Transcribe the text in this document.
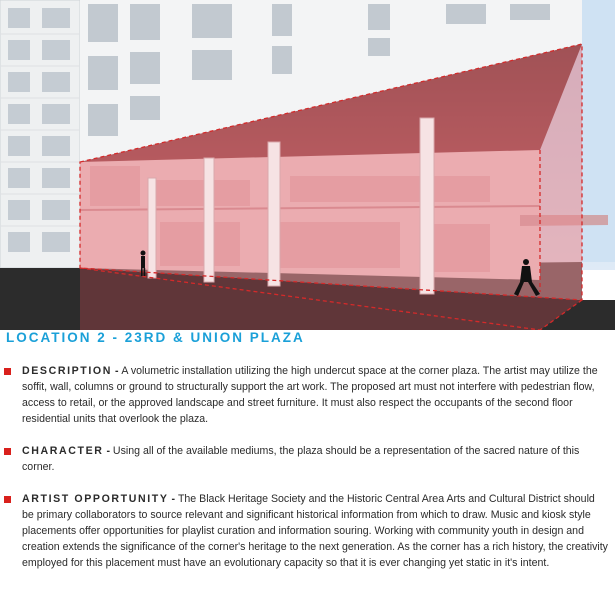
LOCATION 2 - 23RD & UNION PLAZA
DESCRIPTION - A volumetric installation utilizing the high undercut space at the corner plaza. The artist may utilize the soffit, wall, columns or ground to structurally support the art work. The proposed art must not interfere with pedestrian flow, access to retail, or the approved landscape and street furniture. It must also respect the occupants of the second floor residential units that overlook the plaza.
CHARACTER - Using all of the available mediums, the plaza should be a representation of the sacred nature of this corner.
ARTIST OPPORTUNITY - The Black Heritage Society and the Historic Central Area Arts and Cultural District should be primary collaborators to source relevant and significant historical information from which to draw. Music and kiosk style placements offer opportunities for playlist curation and information souring. Working with community youth in design and creation extends the significance of the corner's heritage to the next generation. As the corner has a rich history, the creativity employed for this placement must have an evolutionary capacity so that it is ever changing yet static in it's intent.
